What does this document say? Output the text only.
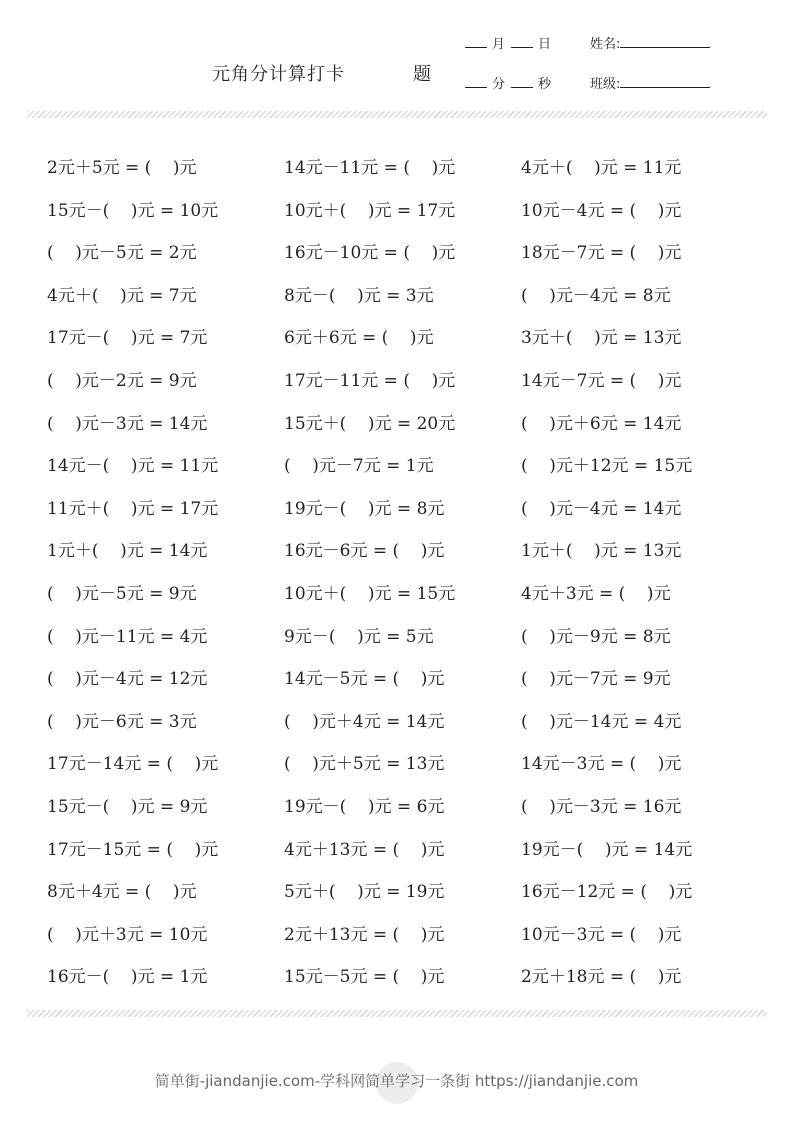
元角分计算打卡	题
月	日
分	秒
姓名:
班级:
2元＋5元 = (    )元	14元－11元 = (    )元	4元＋(    )元 = 11元
15元－(    )元 = 10元	10元＋(    )元 = 17元	10元－4元 = (    )元
(    )元－5元 = 2元	16元－10元 = (    )元	18元－7元 = (    )元
4元＋(    )元 = 7元	8元－(    )元 = 3元	(    )元－4元 = 8元
17元－(    )元 = 7元	6元＋6元 = (    )元	3元＋(    )元 = 13元
(    )元－2元 = 9元	17元－11元 = (    )元	14元－7元 = (    )元
(    )元－3元 = 14元	15元＋(    )元 = 20元	(    )元＋6元 = 14元
14元－(    )元 = 11元	(    )元－7元 = 1元	(    )元＋12元 = 15元
11元＋(    )元 = 17元	19元－(    )元 = 8元	(    )元－4元 = 14元
1元＋(    )元 = 14元	16元－6元 = (    )元	1元＋(    )元 = 13元
(    )元－5元 = 9元	10元＋(    )元 = 15元	4元＋3元 = (    )元
(    )元－11元 = 4元	9元－(    )元 = 5元	(    )元－9元 = 8元
(    )元－4元 = 12元	14元－5元 = (    )元	(    )元－7元 = 9元
(    )元－6元 = 3元	(    )元＋4元 = 14元	(    )元－14元 = 4元
17元－14元 = (    )元	(    )元＋5元 = 13元	14元－3元 = (    )元
15元－(    )元 = 9元	19元－(    )元 = 6元	(    )元－3元 = 16元
17元－15元 = (    )元	4元＋13元 = (    )元	19元－(    )元 = 14元
8元＋4元 = (    )元	5元＋(    )元 = 19元	16元－12元 = (    )元
(    )元＋3元 = 10元	2元＋13元 = (    )元	10元－3元 = (    )元
16元－(    )元 = 1元	15元－5元 = (    )元	2元＋18元 = (    )元
简单街-jiandanjie.com-学科网简单学习一条街 https://jiandanjie.com
